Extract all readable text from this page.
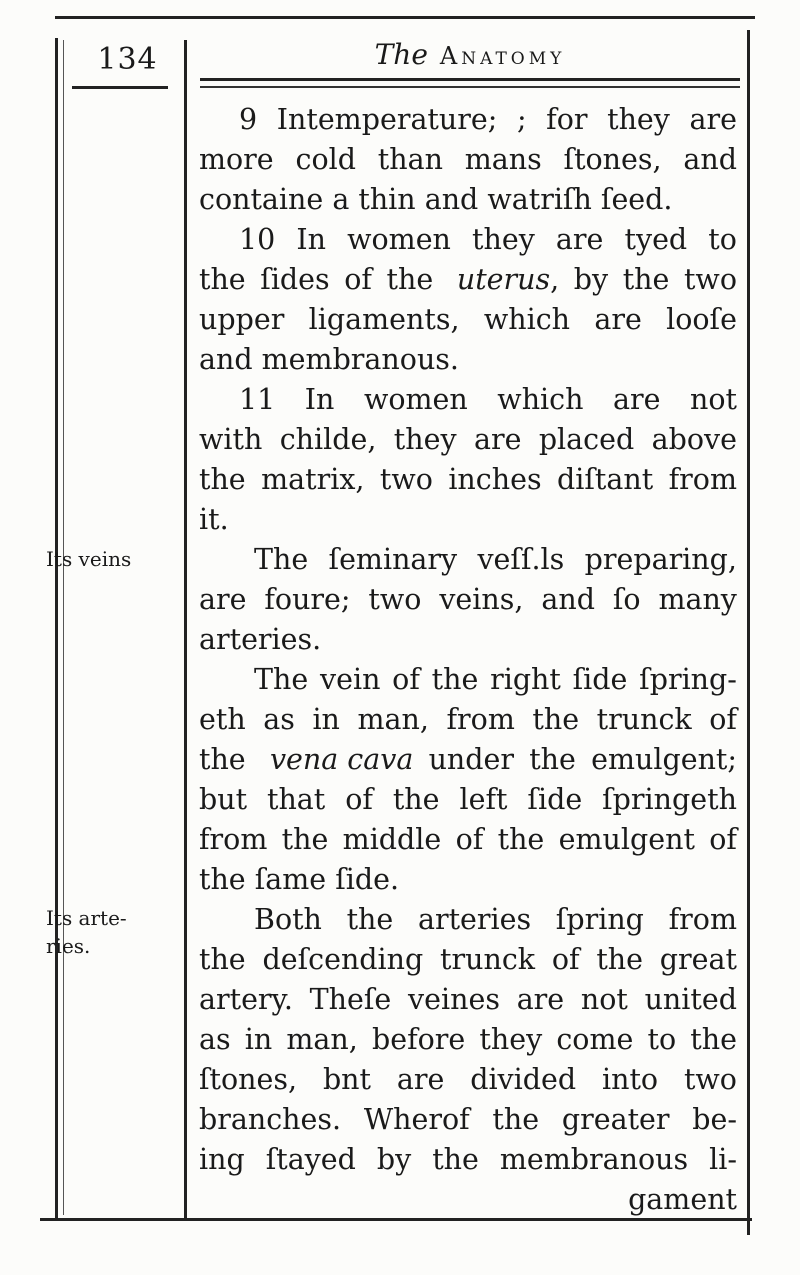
134	The Anatomy
Its veins
Its arte-
ries.
9 Intemperature; ; for they are
more cold than mans ſtones, and
containe a thin and watriſh ſeed.
10 In women they are tyed to
the ſides of the uterus, by the two
upper ligaments, which are looſe
and membranous.
11 In women which are not
with childe, they are placed above
the matrix, two inches diſtant from
it.
The ſeminary veſſ.ls preparing,
are foure; two veins, and ſo many
arteries.
The vein of the right ſide ſpring-
eth as in man, from the trunck of
the vena cava under the emulgent;
but that of the left ſide ſpringeth
from the middle of the emulgent of
the ſame ſide.
Both the arteries ſpring from
the deſcending trunck of the great
artery. Theſe veines are not united
as in man, before they come to the
ſtones, bnt are divided into two
branches. Wherof the greater be-
ing ſtayed by the membranous li-
gament
